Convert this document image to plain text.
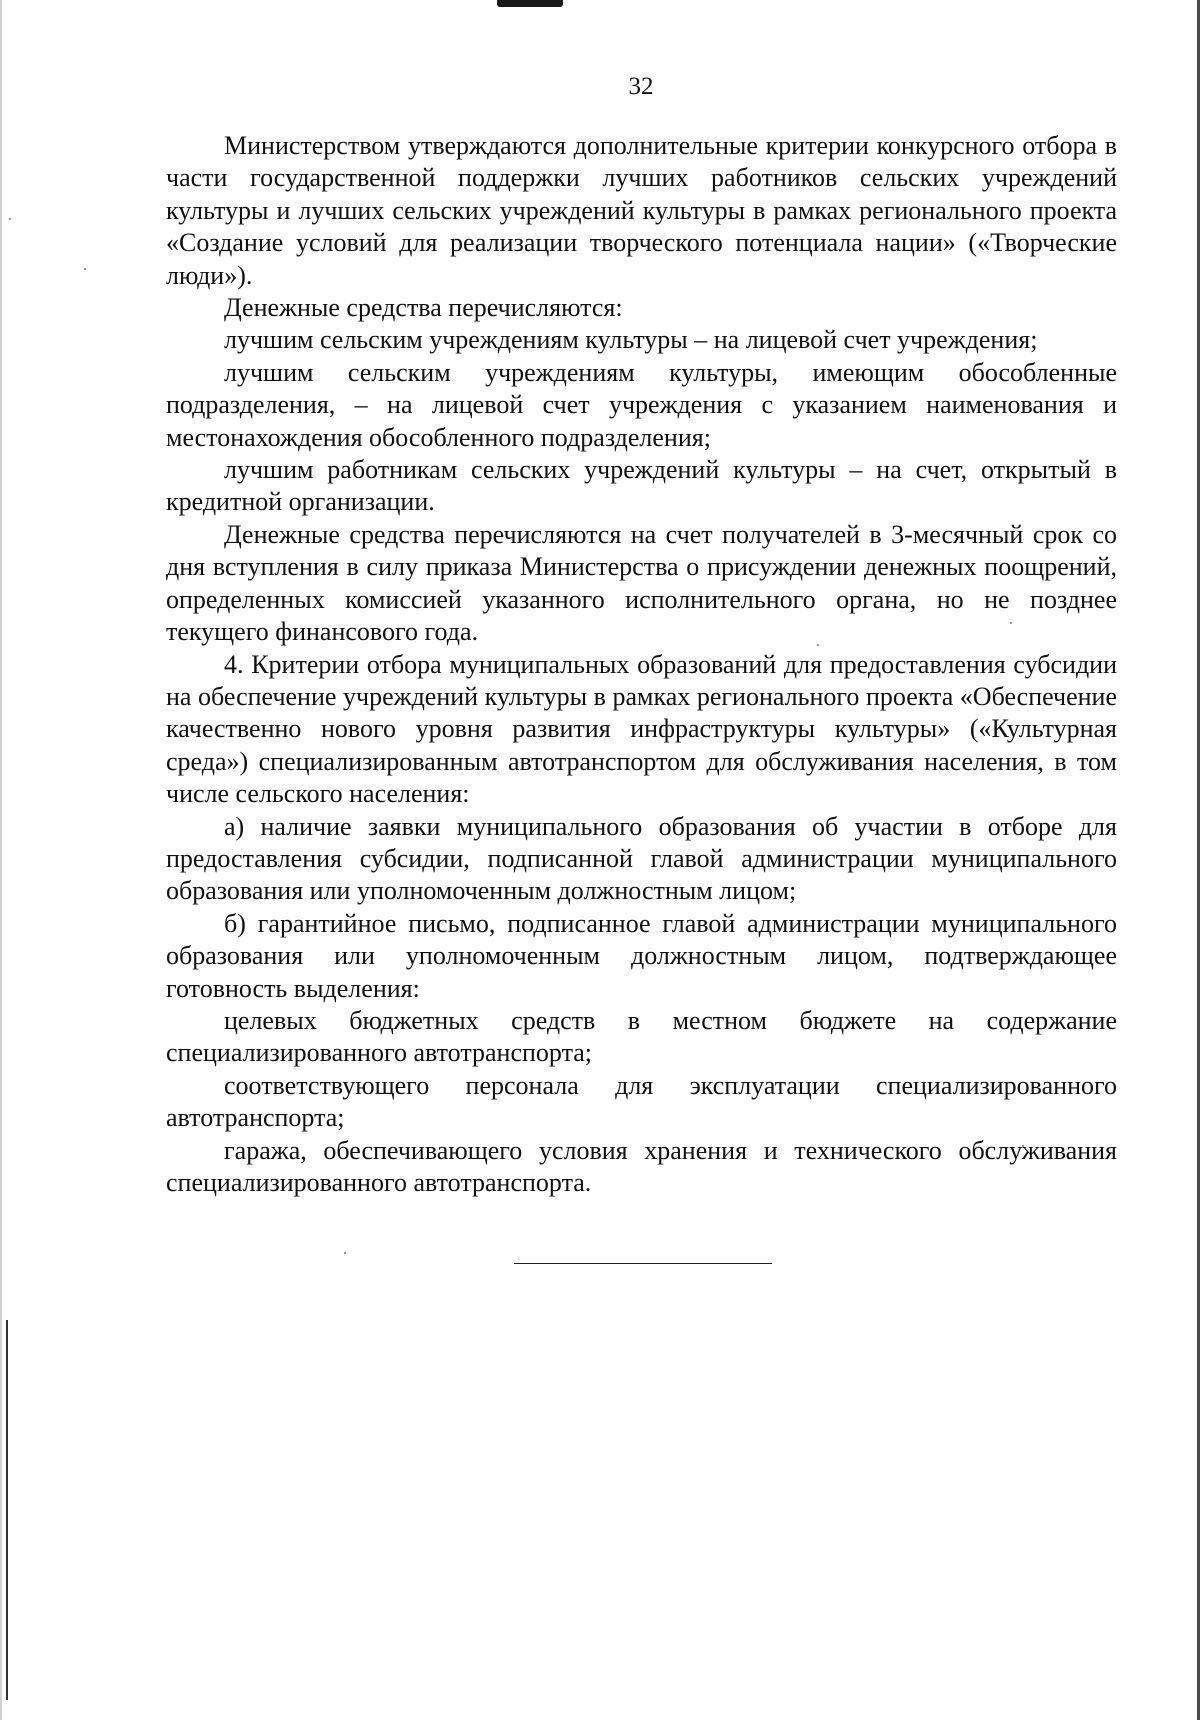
32

Министерством утверждаются дополнительные критерии конкурсного отбора в части государственной поддержки лучших работников сельских учреждений культуры и лучших сельских учреждений культуры в рамках регионального проекта «Создание условий для реализации творческого потенциала нации» («Творческие люди»).

Денежные средства перечисляются:

лучшим сельским учреждениям культуры – на лицевой счет учреждения;

лучшим сельским учреждениям культуры, имеющим обособленные подразделения, – на лицевой счет учреждения с указанием наименования и местонахождения обособленного подразделения;

лучшим работникам сельских учреждений культуры – на счет, открытый в кредитной организации.

Денежные средства перечисляются на счет получателей в 3-месячный срок со дня вступления в силу приказа Министерства о присуждении денежных поощрений, определенных комиссией указанного исполнительного органа, но не позднее текущего финансового года.

4. Критерии отбора муниципальных образований для предоставления субсидии на обеспечение учреждений культуры в рамках регионального проекта «Обеспечение качественно нового уровня развития инфраструктуры культуры» («Культурная среда») специализированным автотранспортом для обслуживания населения, в том числе сельского населения:

а) наличие заявки муниципального образования об участии в отборе для предоставления субсидии, подписанной главой администрации муниципального образования или уполномоченным должностным лицом;

б) гарантийное письмо, подписанное главой администрации муниципального образования или уполномоченным должностным лицом, подтверждающее готовность выделения:

целевых бюджетных средств в местном бюджете на содержание специализированного автотранспорта;

соответствующего персонала для эксплуатации специализированного автотранспорта;

гаража, обеспечивающего условия хранения и технического обслуживания специализированного автотранспорта.
